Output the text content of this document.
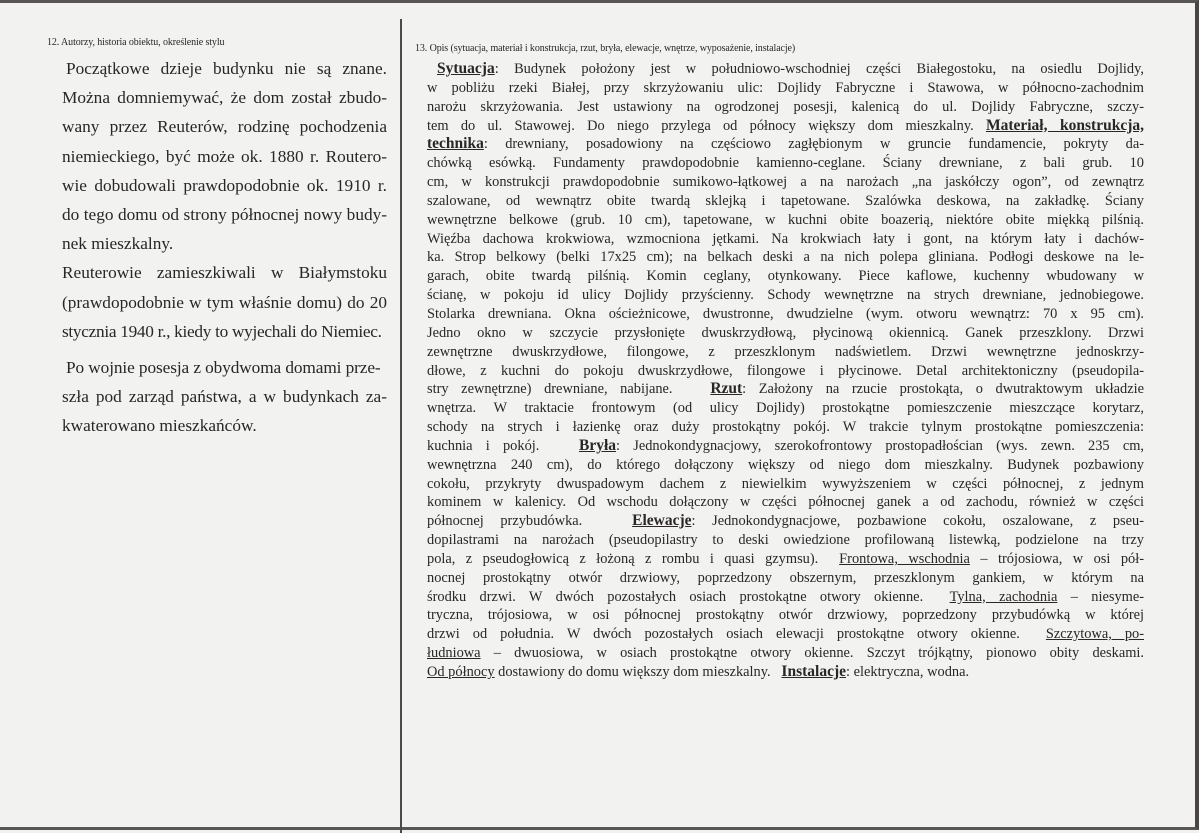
12. Autorzy, historia obiektu, określenie stylu
Początkowe dzieje budynku nie są znane.
Można domniemywać, że dom został zbudo-
wany przez Reuterów, rodzinę pochodzenia
niemieckiego, być może ok. 1880 r. Routero-
wie dobudowali prawdopodobnie ok. 1910 r.
do tego domu od strony północnej nowy budy-
nek mieszkalny.
Reuterowie zamieszkiwali w Białymstoku
(prawdopodobnie w tym właśnie domu) do 20
stycznia 1940 r., kiedy to wyjechali do Niemiec.
Po wojnie posesja z obydwoma domami prze-
szła pod zarząd państwa, a w budynkach za-
kwaterowano mieszkańców.
13. Opis (sytuacja, materiał i konstrukcja, rzut, bryła, elewacje, wnętrze, wyposażenie, instalacje)
Sytuacja: Budynek położony jest w południowo-wschodniej części Białegostoku, na osiedlu Dojlidy,
w pobliżu rzeki Białej, przy skrzyżowaniu ulic: Dojlidy Fabryczne i Stawowa, w północno-zachodnim
narożu skrzyżowania. Jest ustawiony na ogrodzonej posesji, kalenicą do ul. Dojlidy Fabryczne, szczy-
tem do ul. Stawowej. Do niego przylega od północy większy dom mieszkalny. Materiał, konstrukcja,
technika: drewniany, posadowiony na częściowo zagłębionym w gruncie fundamencie, pokryty da-
chówką esówką. Fundamenty prawdopodobnie kamienno-ceglane. Ściany drewniane, z bali grub. 10
cm, w konstrukcji prawdopodobnie sumikowo-łątkowej a na narożach „na jaskółczy ogon”, od zewnątrz
szalowane, od wewnątrz obite twardą sklejką i tapetowane. Szalówka deskowa, na zakładkę. Ściany
wewnętrzne belkowe (grub. 10 cm), tapetowane, w kuchni obite boazerią, niektóre obite miękką pilśnią.
Więźba dachowa krokwiowa, wzmocniona jętkami. Na krokwiach łaty i gont, na którym łaty i dachów-
ka. Strop belkowy (belki 17x25 cm); na belkach deski a na nich polepa gliniana. Podłogi deskowe na le-
garach, obite twardą pilśnią. Komin ceglany, otynkowany. Piece kaflowe, kuchenny wbudowany w
ścianę, w pokoju id ulicy Dojlidy przyścienny. Schody wewnętrzne na strych drewniane, jednobiegowe.
Stolarka drewniana. Okna ościeżnicowe, dwustronne, dwudzielne (wym. otworu wewnątrz: 70 x 95 cm).
Jedno okno w szczycie przysłonięte dwuskrzydłową, płycinową okiennicą. Ganek przeszklony. Drzwi
zewnętrzne dwuskrzydłowe, filongowe, z przeszklonym nadświetlem. Drzwi wewnętrzne jednoskrzy-
dłowe, z kuchni do pokoju dwuskrzydłowe, filongowe i płycinowe. Detal architektoniczny (pseudopila-
stry zewnętrzne) drewniane, nabijane. Rzut: Założony na rzucie prostokąta, o dwutraktowym układzie
wnętrza. W traktacie frontowym (od ulicy Dojlidy) prostokątne pomieszczenie mieszczące korytarz,
schody na strych i łazienkę oraz duży prostokątny pokój. W trakcie tylnym prostokątne pomieszczenia:
kuchnia i pokój.	Bryła: Jednokondygnacjowy, szerokofrontowy prostopadłościan (wys. zewn. 235 cm,
wewnętrzna 240 cm), do którego dołączony większy od niego dom mieszkalny. Budynek pozbawiony
cokołu, przykryty dwuspadowym dachem z niewielkim wywyższeniem w części północnej, z jednym
kominem w kalenicy. Od wschodu dołączony w części północnej ganek a od zachodu, również w części
północnej przybudówka.	Elewacje: Jednokondygnacjowe, pozbawione cokołu, oszalowane, z pseu-
dopilastrami na narożach (pseudopilastry to deski owiedzione profilowaną listewką, podzielone na trzy
pola, z pseudogłowicą z łożoną z rombu i quasi gzymsu). Frontowa, wschodnia – trójosiowa, w osi pół-
nocnej prostokątny otwór drzwiowy, poprzedzony obszernym, przeszklonym gankiem, w którym na
środku drzwi. W dwóch pozostałych osiach prostokątne otwory okienne. Tylna, zachodnia – niesyme-
tryczna, trójosiowa, w osi północnej prostokątny otwór drzwiowy, poprzedzony przybudówką w której
drzwi od południa. W dwóch pozostałych osiach elewacji prostokątne otwory okienne. Szczytowa, po-
łudniowa – dwuosiowa, w osiach prostokątne otwory okienne. Szczyt trójkątny, pionowo obity deskami.
Od północy dostawiony do domu większy dom mieszkalny. Instalacje: elektryczna, wodna.
